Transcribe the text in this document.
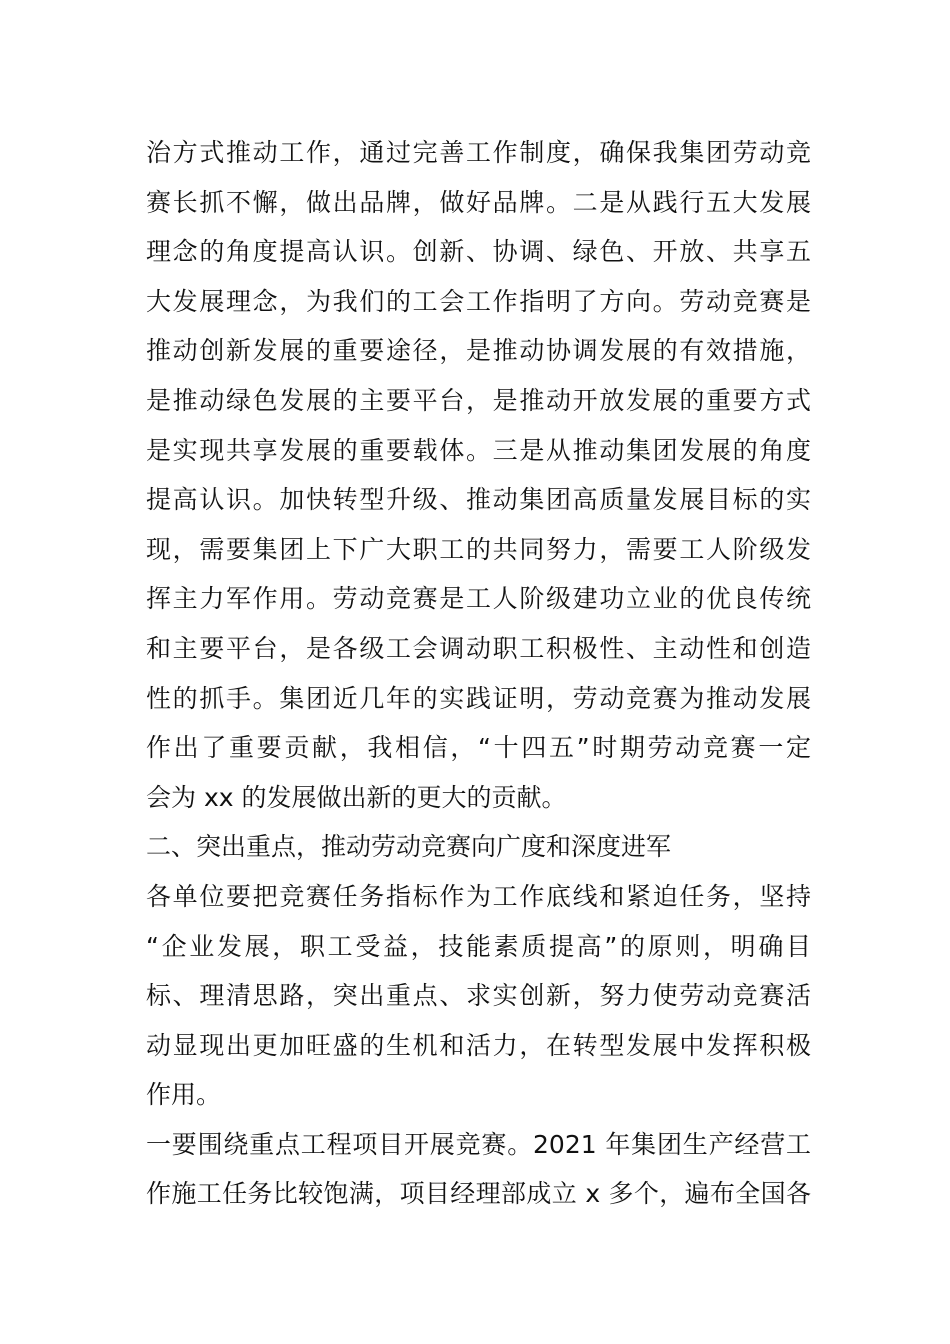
治方式推动工作，通过完善工作制度，确保我集团劳动竞
赛长抓不懈，做出品牌，做好品牌。二是从践行五大发展
理念的角度提高认识。创新、协调、绿色、开放、共享五
大发展理念，为我们的工会工作指明了方向。劳动竞赛是
推动创新发展的重要途径，是推动协调发展的有效措施，
是推动绿色发展的主要平台，是推动开放发展的重要方式
是实现共享发展的重要载体。三是从推动集团发展的角度
提高认识。加快转型升级、推动集团高质量发展目标的实
现，需要集团上下广大职工的共同努力，需要工人阶级发
挥主力军作用。劳动竞赛是工人阶级建功立业的优良传统
和主要平台，是各级工会调动职工积极性、主动性和创造
性的抓手。集团近几年的实践证明，劳动竞赛为推动发展
作出了重要贡献，我相信，“十四五”时期劳动竞赛一定
会为 xx 的发展做出新的更大的贡献。
二、突出重点，推动劳动竞赛向广度和深度进军
各单位要把竞赛任务指标作为工作底线和紧迫任务，坚持
“企业发展，职工受益，技能素质提高”的原则，明确目
标、理清思路，突出重点、求实创新，努力使劳动竞赛活
动显现出更加旺盛的生机和活力，在转型发展中发挥积极
作用。
一要围绕重点工程项目开展竞赛。2021 年集团生产经营工
作施工任务比较饱满，项目经理部成立 x 多个，遍布全国各
